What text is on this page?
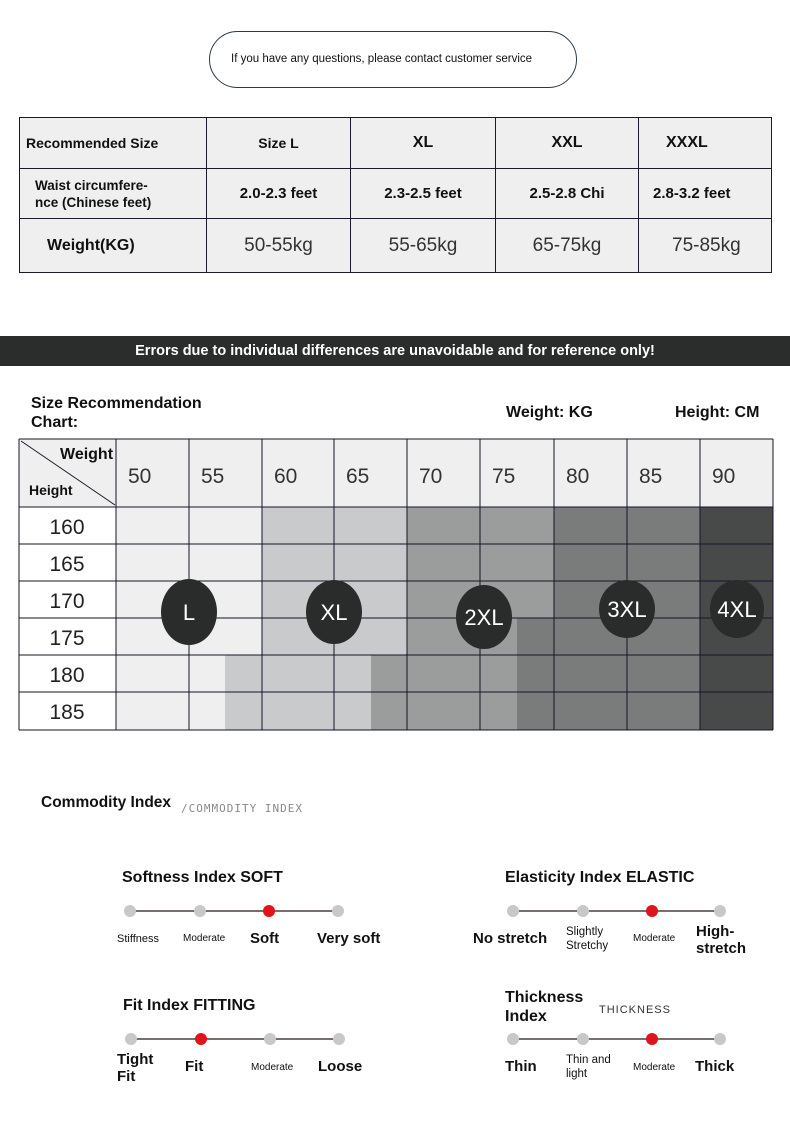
If you have any questions, please contact customer service
Recommended Size	Size L	XL	XXL	XXXL

Waist circumfere-
nce (Chinese feet)	2.0-2.3 feet	2.3-2.5 feet	2.5-2.8 Chi	2.8-3.2 feet
Weight(KG)	50-55kg	55-65kg	65-75kg	75-85kg
Errors due to individual differences are unavoidable and for reference only!
Size Recommendation
Chart:
Weight: KG	Height: CM
Weight
Height
50 55 60 65 70 75 80 85 90
160
165
170
175
180
185
L	XL	2XL	3XL	4XL
Commodity Index /COMMODITY INDEX
Softness Index SOFT	Elasticity Index ELASTIC
Fit Index FITTING	Thickness Index	THICKNESS
Stiffness	Moderate Soft	Very soft	No stretch	Slightly Stretchy
Moderate High-stretch
Tight Fit
Fit	Moderate Loose	Thin	Thin and light	Moderate Thick
